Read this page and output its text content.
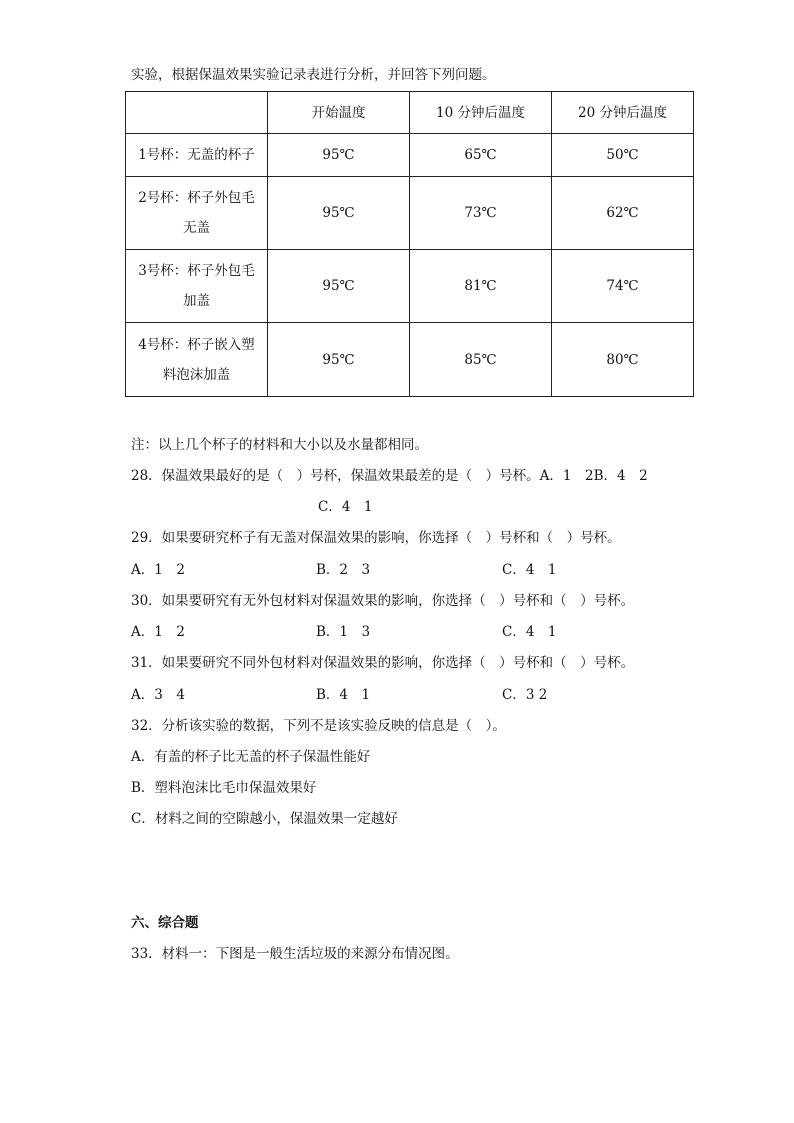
实验，根据保温效果实验记录表进行分析，并回答下列问题。
	开始温度	10 分钟后温度	20 分钟后温度
1号杯：无盖的杯子	95℃	65℃	50℃
2号杯：杯子外包毛无盖	95℃	73℃	62℃
3号杯：杯子外包毛加盖	95℃	81℃	74℃
4号杯：杯子嵌入塑料泡沫加盖	95℃	85℃	80℃
注：以上几个杯子的材料和大小以及水量都相同。
28．保温效果最好的是（　）号杯，保温效果最差的是（　）号杯。A．1　2B．4　2
C．4　1
29．如果要研究杯子有无盖对保温效果的影响，你选择（　）号杯和（　）号杯。
A．1　2	B．2　3	C．4　1
30．如果要研究有无外包材料对保温效果的影响，你选择（　）号杯和（　）号杯。
A．1　2	B．1　3	C．4　1
31．如果要研究不同外包材料对保温效果的影响，你选择（　）号杯和（　）号杯。
A．3　4	B．4　1	C．3 2
32．分析该实验的数据，下列不是该实验反映的信息是（　）。
A．有盖的杯子比无盖的杯子保温性能好
B．塑料泡沫比毛巾保温效果好
C．材料之间的空隙越小，保温效果一定越好
六、综合题
33．材料一：下图是一般生活垃圾的来源分布情况图。
